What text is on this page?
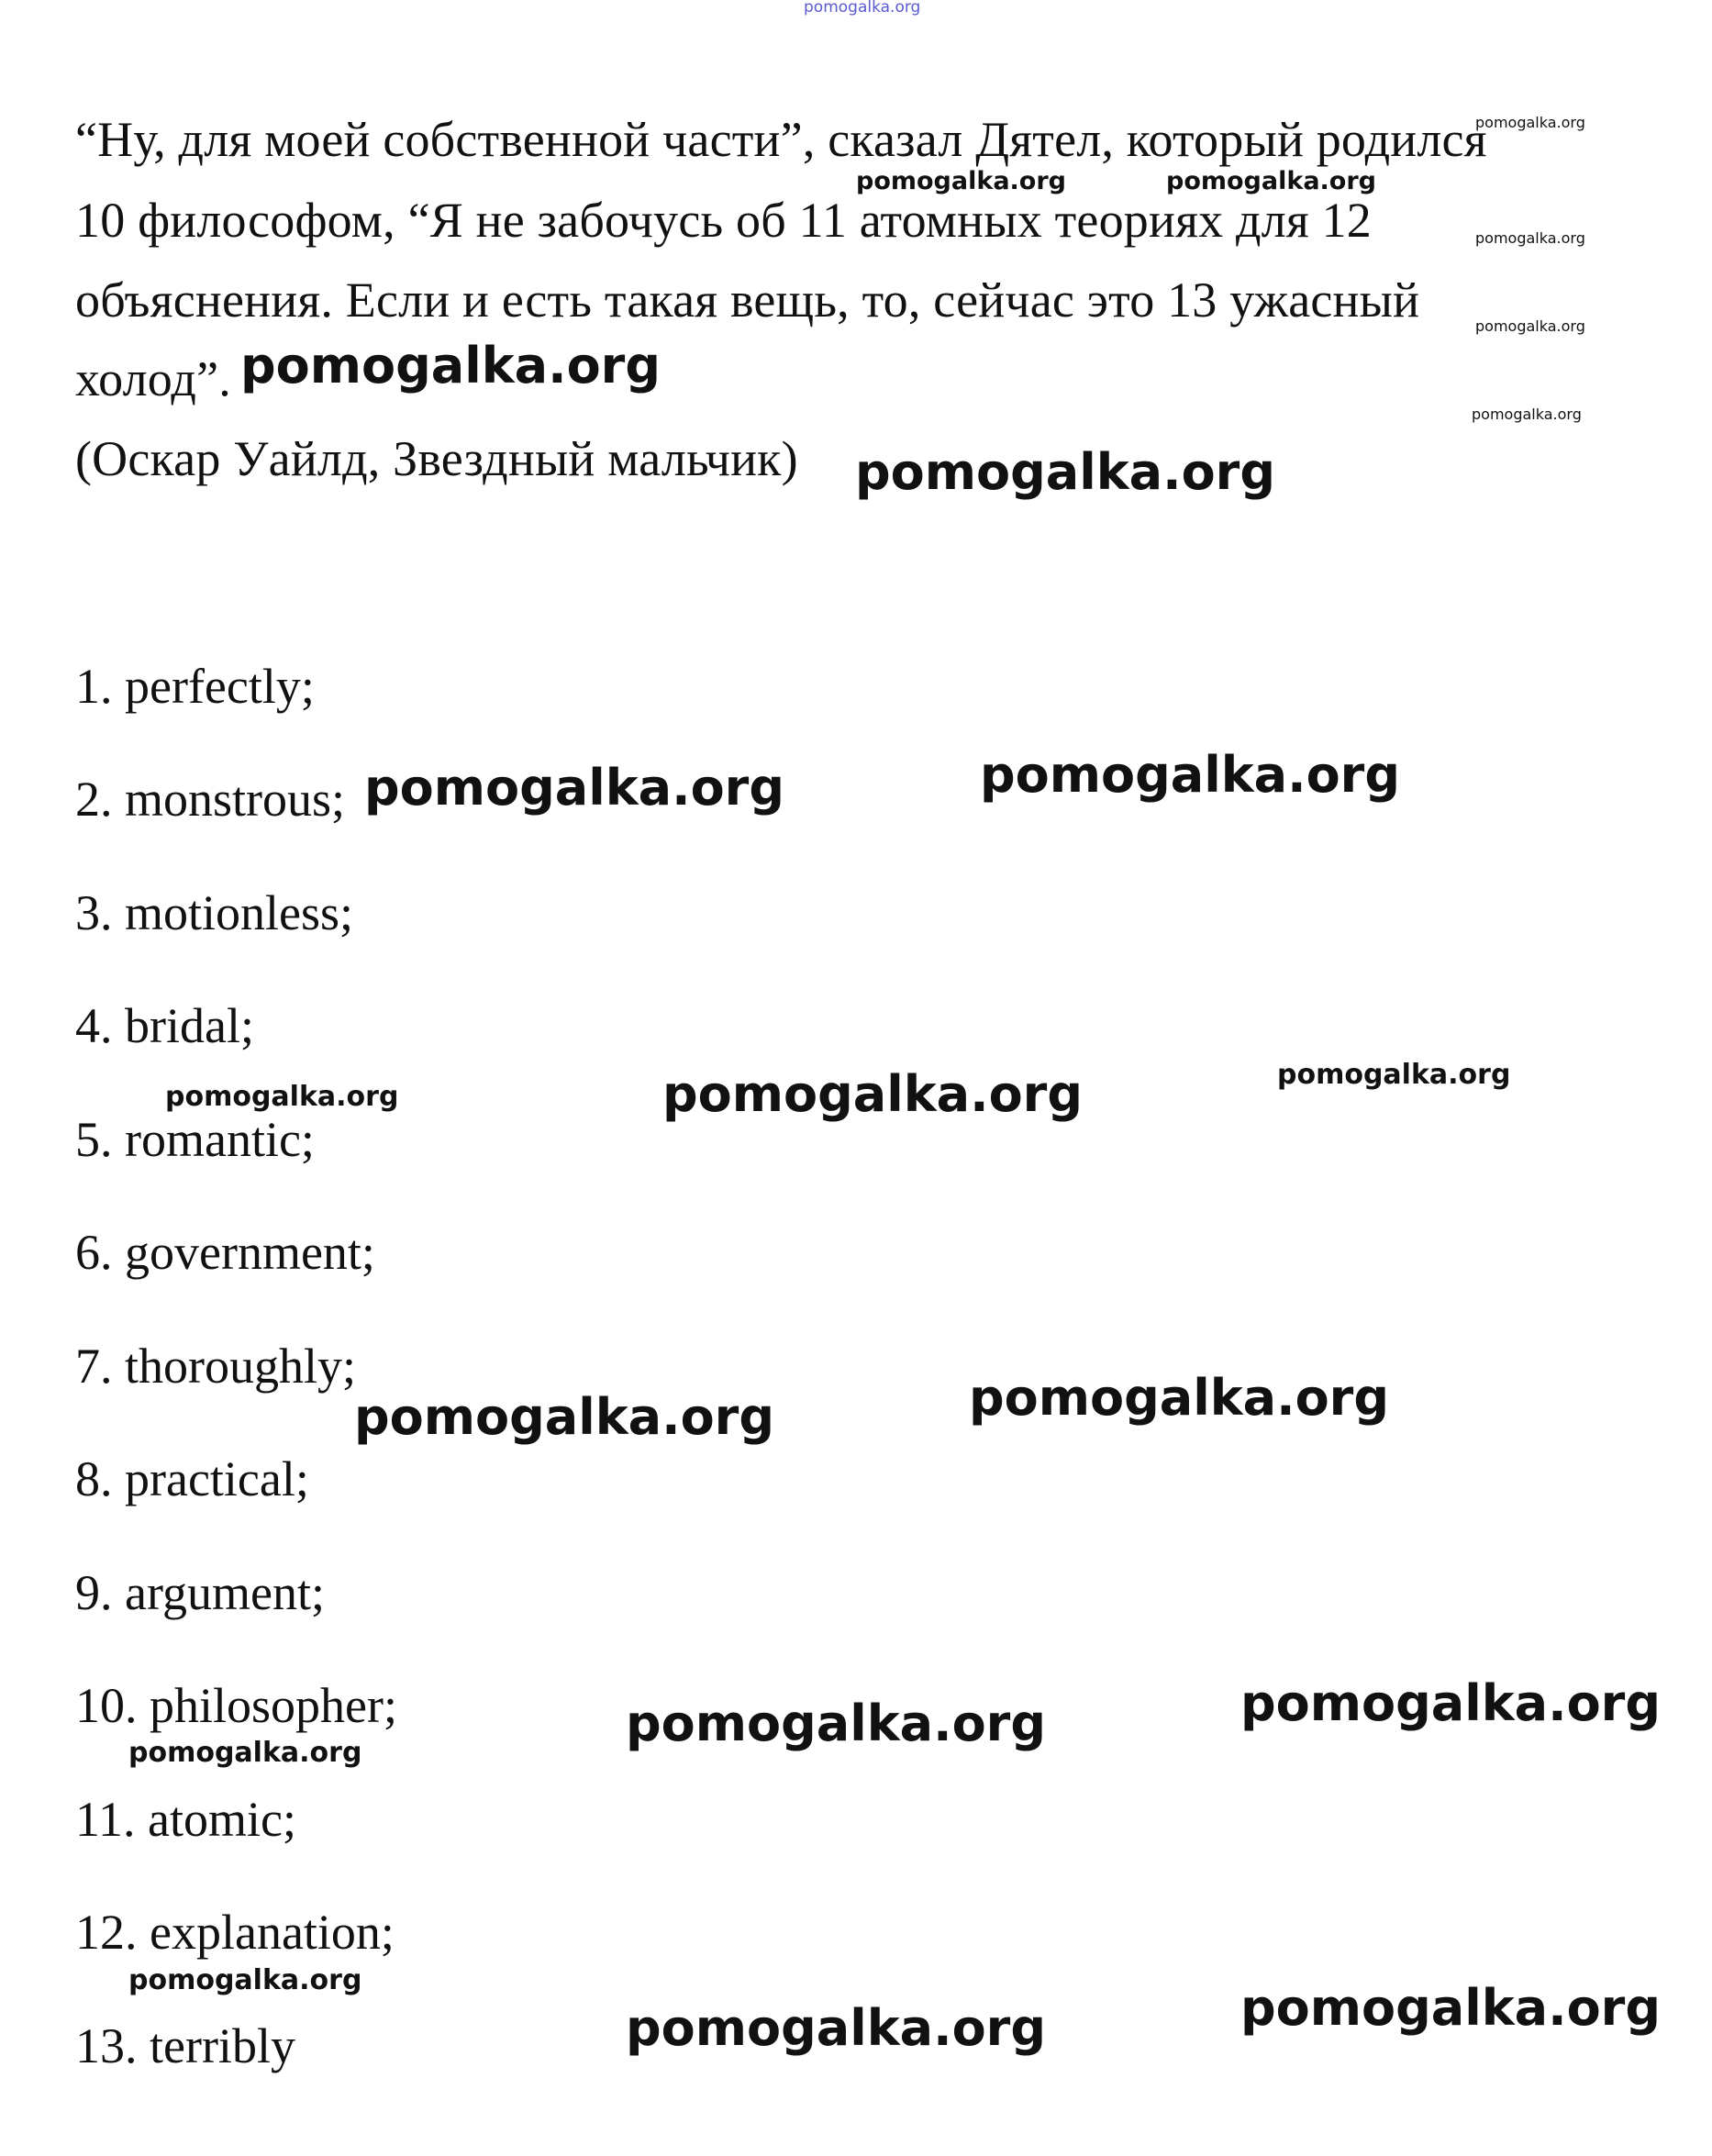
pomogalka.org
“Ну, для моей собственной части”, сказал Дятел, который родился
10 философом, “Я не забочусь об 11 атомных теориях для 12
объяснения. Если и есть такая вещь, то, сейчас это 13 ужасный
холод”.
(Оскар Уайлд, Звездный мальчик)
1. perfectly;
2. monstrous;
3. motionless;
4. bridal;
5. romantic;
6. government;
7. thoroughly;
8. practical;
9. argument;
10. philosopher;
11. atomic;
12. explanation;
13. terribly
pomogalka.org
pomogalka.org	pomogalka.org
pomogalka.org
pomogalka.org
pomogalka.org
pomogalka.org
pomogalka.org
pomogalka.org
pomogalka.org
pomogalka.org
pomogalka.org	pomogalka.org
pomogalka.org
pomogalka.org
pomogalka.org
pomogalka.org
pomogalka.org
pomogalka.org	pomogalka.org
pomogalka.org
